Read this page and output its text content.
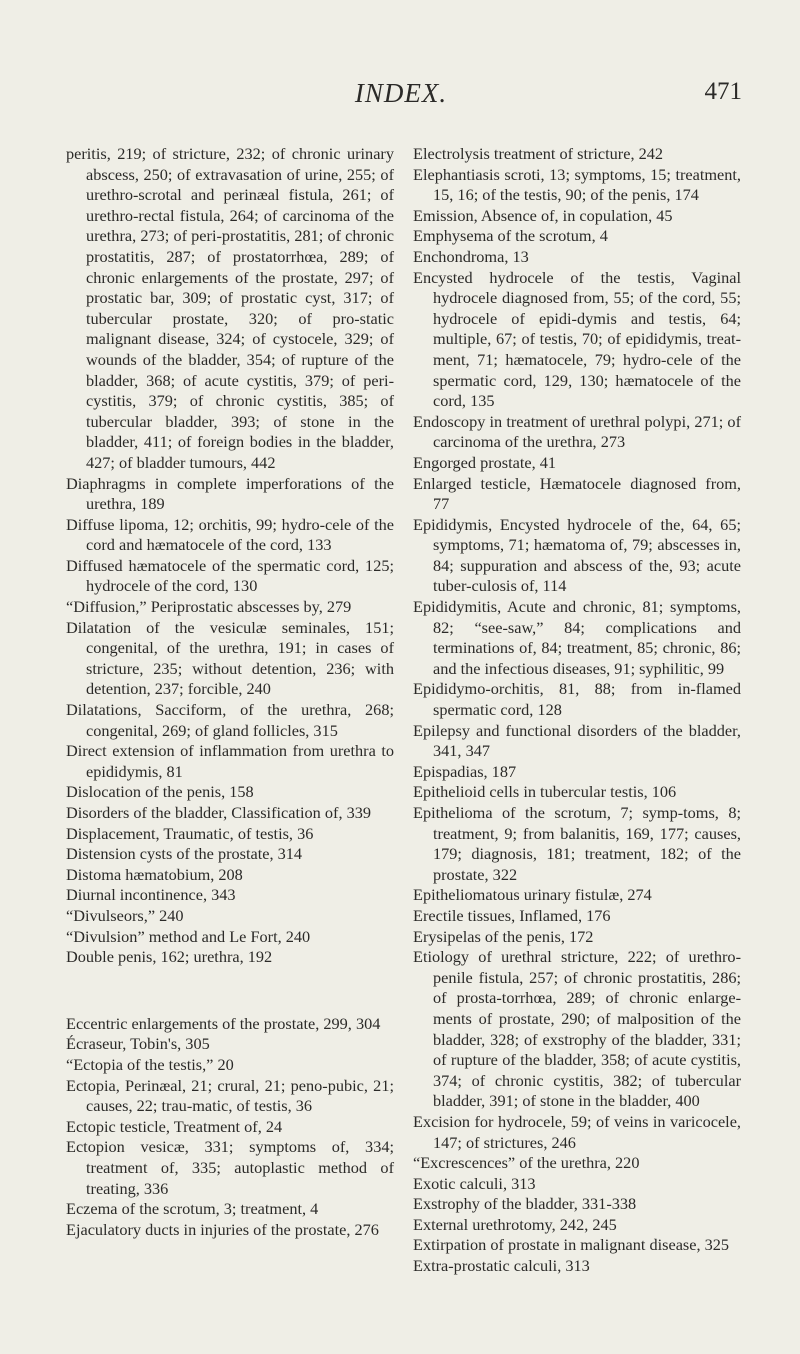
INDEX.	471

peritis, 219; of stricture, 232; of chronic urinary abscess, 250; of extravasation of urine, 255; of urethro-scrotal and perinæal fistula, 261; of urethro-rectal fistula, 264; of carcinoma of the urethra, 273; of peri-prostatitis, 281; of chronic prostatitis, 287; of prostatorrhœa, 289; of chronic enlargements of the prostate, 297; of prostatic bar, 309; of prostatic cyst, 317; of tubercular prostate, 320; of pro-static malignant disease, 324; of cystocele, 329; of wounds of the bladder, 354; of rupture of the bladder, 368; of acute cystitis, 379; of peri-cystitis, 379; of chronic cystitis, 385; of tubercular bladder, 393; of stone in the bladder, 411; of foreign bodies in the bladder, 427; of bladder tumours, 442

Diaphragms in complete imperforations of the urethra, 189

Diffuse lipoma, 12; orchitis, 99; hydro-cele of the cord and hæmatocele of the cord, 133

Diffused hæmatocele of the spermatic cord, 125; hydrocele of the cord, 130

“Diffusion,” Periprostatic abscesses by, 279

Dilatation of the vesiculæ seminales, 151; congenital, of the urethra, 191; in cases of stricture, 235; without detention, 236; with detention, 237; forcible, 240

Dilatations, Sacciform, of the urethra, 268; congenital, 269; of gland follicles, 315

Direct extension of inflammation from urethra to epididymis, 81

Dislocation of the penis, 158

Disorders of the bladder, Classification of, 339

Displacement, Traumatic, of testis, 36

Distension cysts of the prostate, 314

Distoma hæmatobium, 208

Diurnal incontinence, 343

“Divulseors,” 240

“Divulsion” method and Le Fort, 240

Double penis, 162; urethra, 192

Eccentric enlargements of the prostate, 299, 304

Écraseur, Tobin's, 305

“Ectopia of the testis,” 20

Ectopia, Perinæal, 21; crural, 21; peno-pubic, 21; causes, 22; trau-matic, of testis, 36

Ectopic testicle, Treatment of, 24

Ectopion vesicæ, 331; symptoms of, 334; treatment of, 335; autoplastic method of treating, 336

Eczema of the scrotum, 3; treatment, 4

Ejaculatory ducts in injuries of the prostate, 276

Electrolysis treatment of stricture, 242

Elephantiasis scroti, 13; symptoms, 15; treatment, 15, 16; of the testis, 90; of the penis, 174

Emission, Absence of, in copulation, 45

Emphysema of the scrotum, 4

Enchondroma, 13

Encysted hydrocele of the testis, Vaginal hydrocele diagnosed from, 55; of the cord, 55; hydrocele of epidi-dymis and testis, 64; multiple, 67; of testis, 70; of epididymis, treat-ment, 71; hæmatocele, 79; hydro-cele of the spermatic cord, 129, 130; hæmatocele of the cord, 135

Endoscopy in treatment of urethral polypi, 271; of carcinoma of the urethra, 273

Engorged prostate, 41

Enlarged testicle, Hæmatocele diagnosed from, 77

Epididymis, Encysted hydrocele of the, 64, 65; symptoms, 71; hæmatoma of, 79; abscesses in, 84; suppuration and abscess of the, 93; acute tuber-culosis of, 114

Epididymitis, Acute and chronic, 81; symptoms, 82; “see-saw,” 84; complications and terminations of, 84; treatment, 85; chronic, 86; and the infectious diseases, 91; syphilitic, 99

Epididymo-orchitis, 81, 88; from in-flamed spermatic cord, 128

Epilepsy and functional disorders of the bladder, 341, 347

Epispadias, 187

Epithelioid cells in tubercular testis, 106

Epithelioma of the scrotum, 7; symp-toms, 8; treatment, 9; from balanitis, 169, 177; causes, 179; diagnosis, 181; treatment, 182; of the prostate, 322

Epitheliomatous urinary fistulæ, 274

Erectile tissues, Inflamed, 176

Erysipelas of the penis, 172

Etiology of urethral stricture, 222; of urethro-penile fistula, 257; of chronic prostatitis, 286; of prosta-torrhœa, 289; of chronic enlarge-ments of prostate, 290; of malposition of the bladder, 328; of exstrophy of the bladder, 331; of rupture of the bladder, 358; of acute cystitis, 374; of chronic cystitis, 382; of tubercular bladder, 391; of stone in the bladder, 400

Excision for hydrocele, 59; of veins in varicocele, 147; of strictures, 246

“Excrescences” of the urethra, 220

Exotic calculi, 313

Exstrophy of the bladder, 331-338

External urethrotomy, 242, 245

Extirpation of prostate in malignant disease, 325

Extra-prostatic calculi, 313
